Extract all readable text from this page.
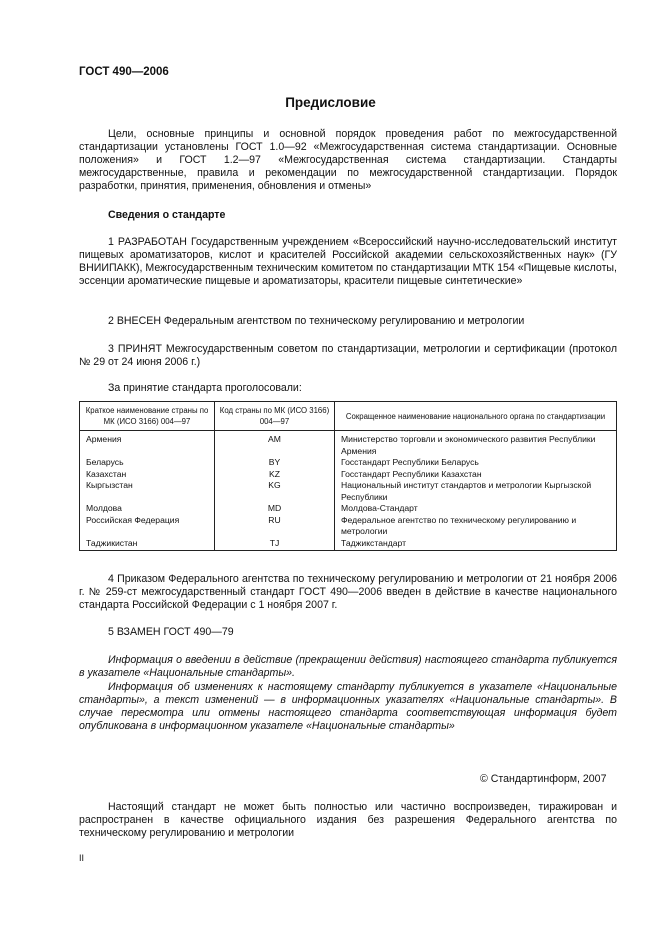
ГОСТ 490—2006
Предисловие
Цели, основные принципы и основной порядок проведения работ по межгосударственной стандартизации установлены ГОСТ 1.0—92 «Межгосударственная система стандартизации. Основные положения» и ГОСТ 1.2—97 «Межгосударственная система стандартизации. Стандарты межгосударственные, правила и рекомендации по межгосударственной стандартизации. Порядок разработки, принятия, применения, обновления и отмены»
Сведения о стандарте
1 РАЗРАБОТАН Государственным учреждением «Всероссийский научно-исследовательский институт пищевых ароматизаторов, кислот и красителей Российской академии сельскохозяйственных наук» (ГУ ВНИИПАКК), Межгосударственным техническим комитетом по стандартизации МТК 154 «Пищевые кислоты, эссенции ароматические пищевые и ароматизаторы, красители пищевые синтетические»
2 ВНЕСЕН Федеральным агентством по техническому регулированию и метрологии
3 ПРИНЯТ Межгосударственным советом по стандартизации, метрологии и сертификации (протокол № 29 от 24 июня 2006 г.)
За принятие стандарта проголосовали:
Краткое наименование страны по МК (ИСО 3166) 004—97	Код страны по МК (ИСО 3166) 004—97	Сокращенное наименование национального органа по стандартизации
Армения	AM	Министерство торговли и экономического развития Республики Армения
Беларусь	BY	Госстандарт Республики Беларусь
Казахстан	KZ	Госстандарт Республики Казахстан
Кыргызстан	KG	Национальный институт стандартов и метрологии Кыргызской Республики
Молдова	MD	Молдова-Стандарт
Российская Федерация	RU	Федеральное агентство по техническому регулированию и метрологии
Таджикистан	TJ	Таджикстандарт
4 Приказом Федерального агентства по техническому регулированию и метрологии от 21 ноября 2006 г. № 259-ст межгосударственный стандарт ГОСТ 490—2006 введен в действие в качестве национального стандарта Российской Федерации с 1 ноября 2007 г.
5 ВЗАМЕН ГОСТ 490—79
Информация о введении в действие (прекращении действия) настоящего стандарта публикуется в указателе «Национальные стандарты».
Информация об изменениях к настоящему стандарту публикуется в указателе «Национальные стандарты», а текст изменений — в информационных указателях «Национальные стандарты». В случае пересмотра или отмены настоящего стандарта соответствующая информация будет опубликована в информационном указателе «Национальные стандарты»
© Стандартинформ, 2007
Настоящий стандарт не может быть полностью или частично воспроизведен, тиражирован и распространен в качестве официального издания без разрешения Федерального агентства по техническому регулированию и метрологии
II
